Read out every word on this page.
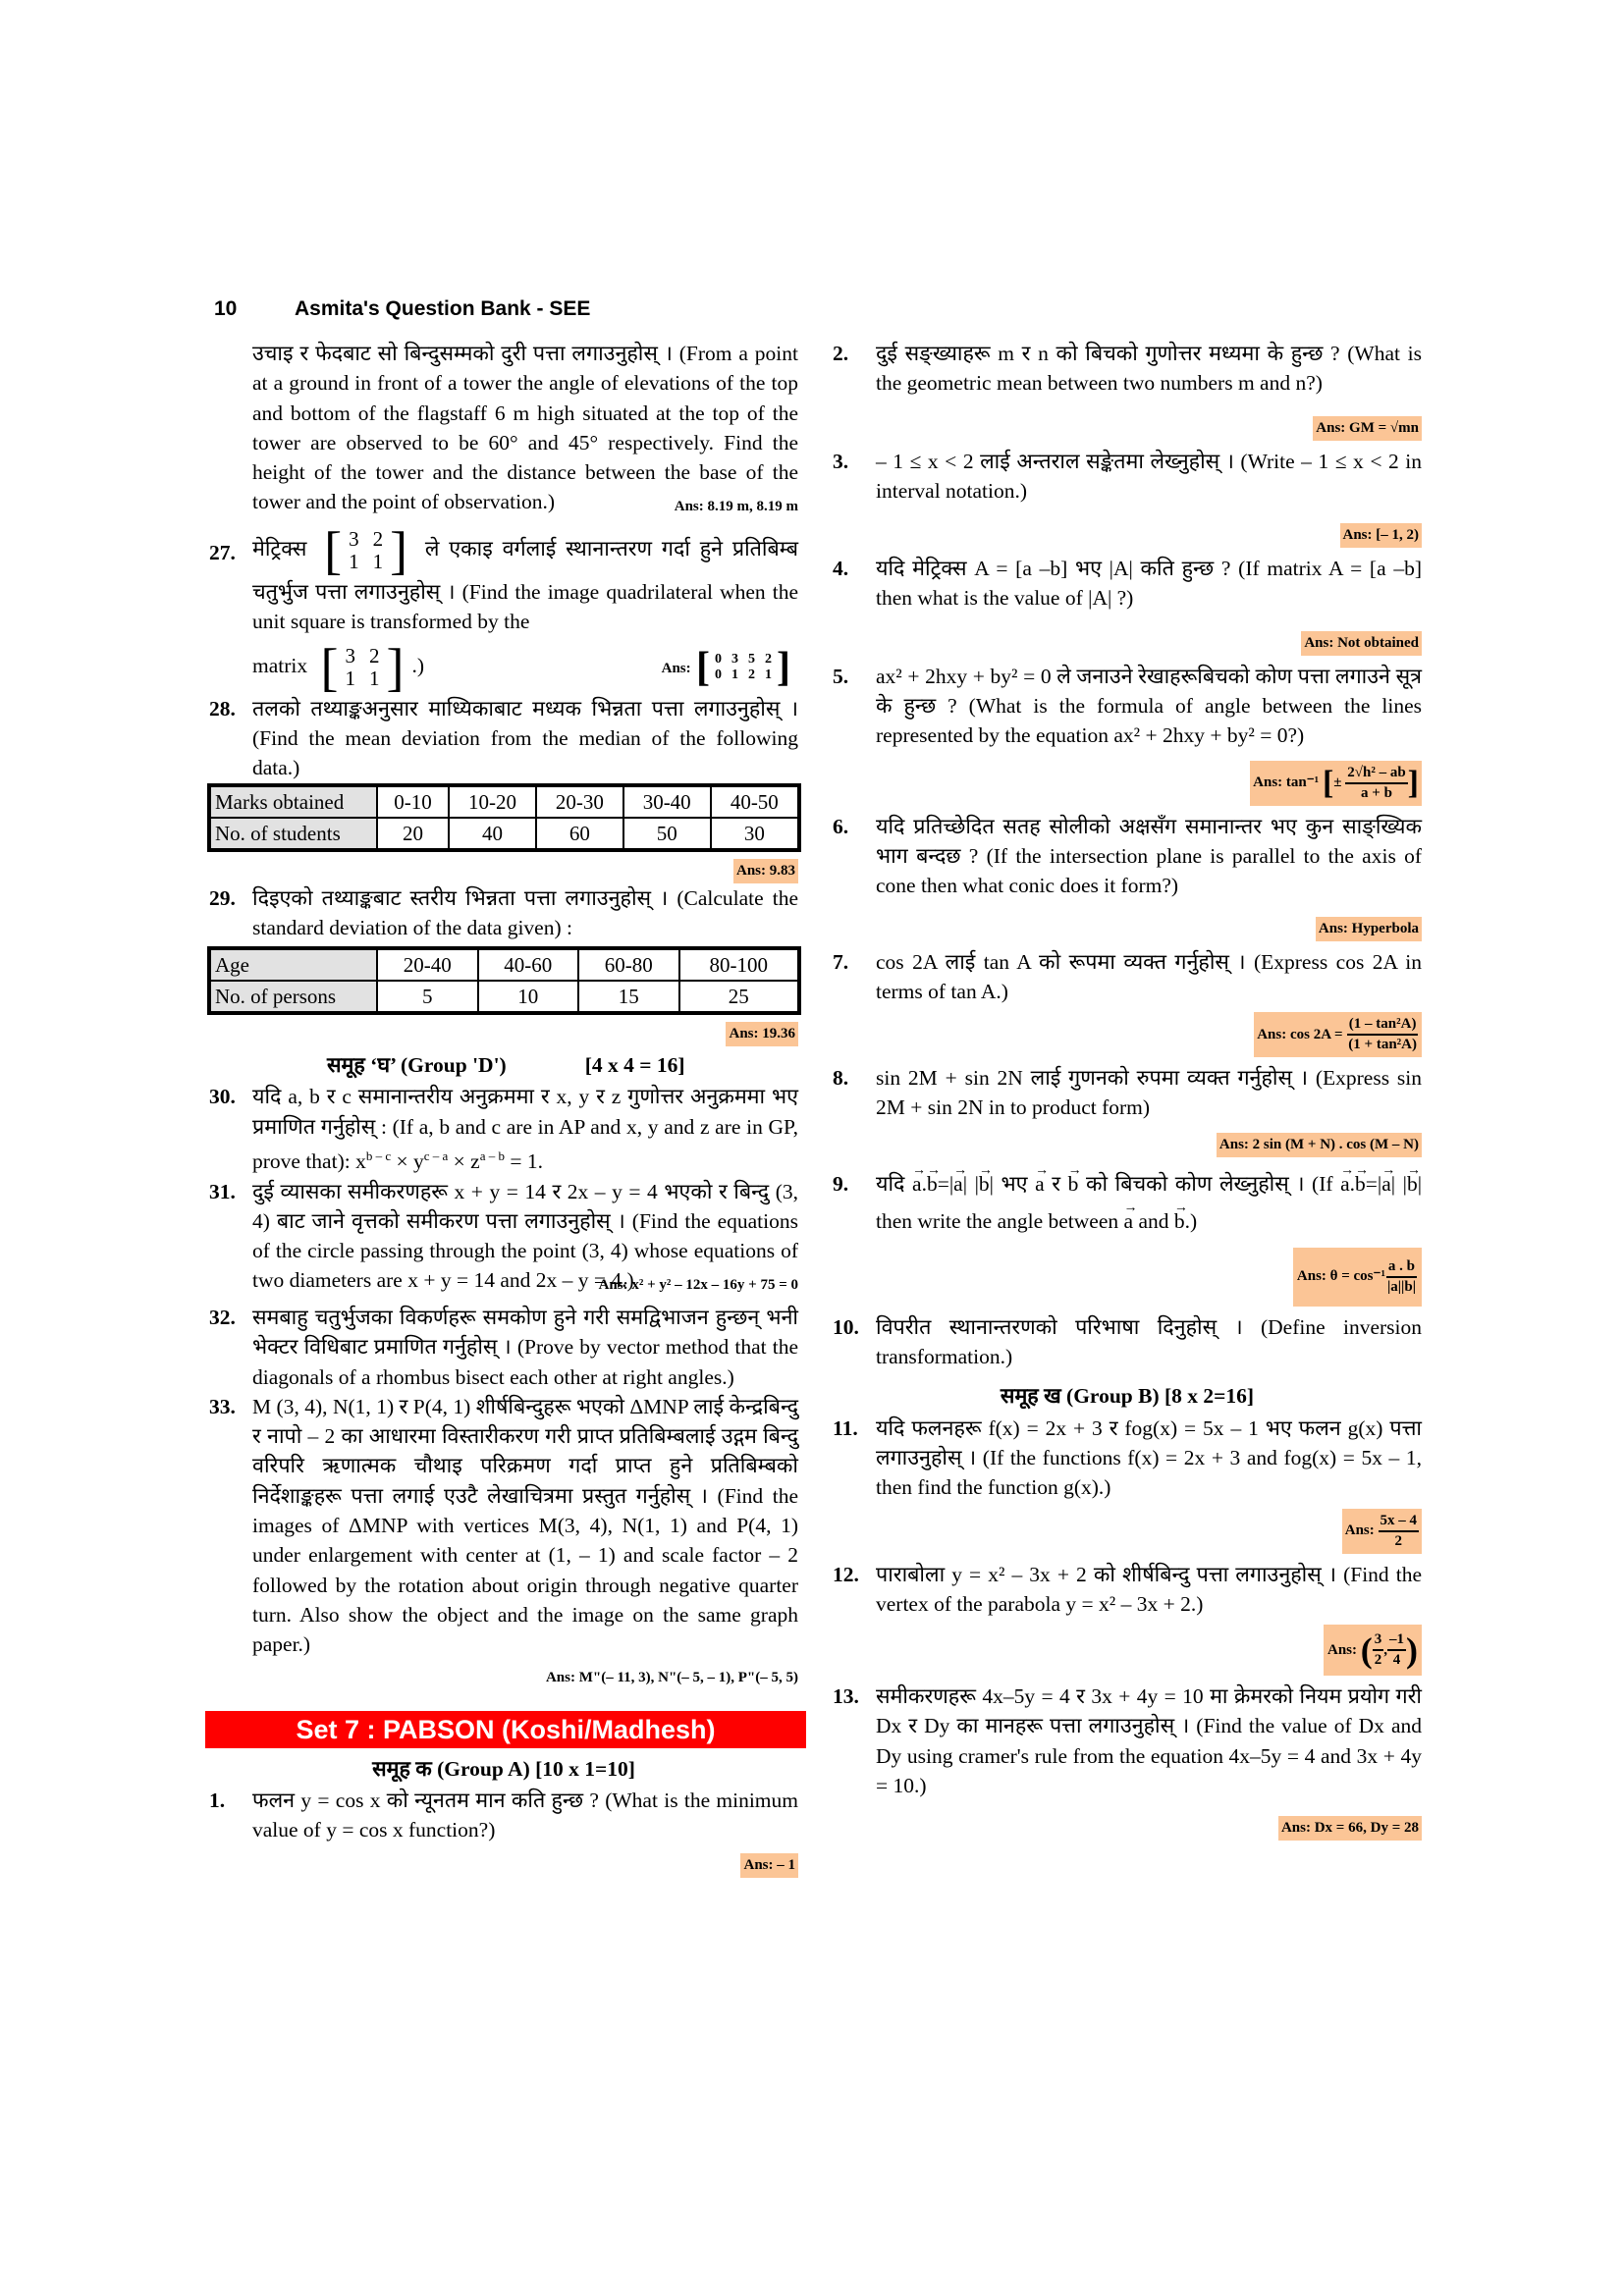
10	Asmita's Question Bank - SEE
उचाइ र फेदबाट सो बिन्दुसम्मको दुरी पत्ता लगाउनुहोस् । (From a point at a ground in front of a tower the angle of elevations of the top and bottom of the flagstaff 6 m high situated at the top of the tower are observed to be 60° and 45° respectively. Find the height of the tower and the distance between the base of the tower and the point of observation.)	Ans: 8.19 m, 8.19 m
27. मेट्रिक्स [ 3	2
1	1 ] ले एकाइ वर्गलाई स्थानान्तरण गर्दा हुने प्रतिबिम्ब चतुर्भुज पत्ता लगाउनुहोस् । (Find the image quadrilateral when the unit square is transformed by the
matrix [ 3	2
1	1 ] .)	Ans: [ 0	3	5	2
0	1	2	1 ]
28. तलको तथ्याङ्कअनुसार माध्यिकाबाट मध्यक भिन्नता पत्ता लगाउनुहोस् । (Find the mean deviation from the median of the following data.)
Marks obtained	0-10	10-20	20-30	30-40	40-50
No. of students	20	40	60	50	30
Ans: 9.83
29. दिइएको तथ्याङ्कबाट स्तरीय भिन्नता पत्ता लगाउनुहोस् । (Calculate the standard deviation of the data given) :
Age	20-40	40-60	60-80	80-100
No. of persons	5	10	15	25
Ans: 19.36
समूह ‘घ’ (Group 'D')	[4 x 4 = 16]
30. यदि a, b र c समानान्तरीय अनुक्रममा र x, y र z गुणोत्तर अनुक्रममा भए प्रमाणित गर्नुहोस् : (If a, b and c are in AP and x, y and z are in GP, prove that): $x^{b - c} \times y^{c - a} \times z^{a - b} = 1$.
31. दुई व्यासका समीकरणहरू x + y = 14 र 2x – y = 4 भएको र बिन्दु (3, 4) बाट जाने वृत्तको समीकरण पत्ता लगाउनुहोस् । (Find the equations of the circle passing through the point (3, 4) whose equations of two diameters are x + y = 14 and 2x – y = 4.)
Ans: x² + y² – 12x – 16y + 75 = 0
32. समबाहु चतुर्भुजका विकर्णहरू समकोण हुने गरी समद्विभाजन हुन्छन् भनी भेक्टर विधिबाट प्रमाणित गर्नुहोस् । (Prove by vector method that the diagonals of a rhombus bisect each other at right angles.)
33. M (3, 4), N(1, 1) र P(4, 1) शीर्षबिन्दुहरू भएको ΔMNP लाई केन्द्रबिन्दु र नापो – 2 का आधारमा विस्तारीकरण गरी प्राप्त प्रतिबिम्बलाई उद्गम बिन्दु वरिपरि ऋणात्मक चौथाइ परिक्रमण गर्दा प्राप्त हुने प्रतिबिम्बको निर्देशाङ्कहरू पत्ता लगाई एउटै लेखाचित्रमा प्रस्तुत गर्नुहोस् । (Find the images of ΔMNP with vertices M(3, 4), N(1, 1) and P(4, 1) under enlargement with center at (1, – 1) and scale factor – 2 followed by the rotation about origin through negative quarter turn. Also show the object and the image on the same graph paper.)
Ans: M"(– 11, 3), N"(– 5, – 1), P"(– 5, 5)
Set 7 : PABSON (Koshi/Madhesh)
समूह क (Group A) [10 x 1=10]
1. फलन y = cos x को न्यूनतम मान कति हुन्छ ? (What is the minimum value of y = cos x function?)
Ans: – 1
2. दुई सङ्ख्याहरू m र n को बिचको गुणोत्तर मध्यमा के हुन्छ ? (What is the geometric mean between two numbers m and n?)
Ans: GM = √mn
3. – 1 ≤ x < 2 लाई अन्तराल सङ्केतमा लेख्नुहोस् । (Write – 1 ≤ x < 2 in interval notation.)
Ans: [– 1, 2)
4. यदि मेट्रिक्स A = [a –b] भए |A| कति हुन्छ ? (If matrix A = [a –b] then what is the value of |A| ?)
Ans: Not obtained
5. ax² + 2hxy + by² = 0 ले जनाउने रेखाहरूबिचको कोण पत्ता लगाउने सूत्र के हुन्छ ? (What is the formula of angle between the lines represented by the equation ax² + 2hxy + by² = 0?)
Ans: tan⁻¹
[ ±
$\frac{\text{2√h² – ab}}{a + b}$ ]
6. यदि प्रतिच्छेदित सतह सोलीको अक्षसँग समानान्तर भए कुन साङ्ख्यिक भाग बन्दछ ? (If the intersection plane is parallel to the axis of cone then what conic does it form?)
Ans: Hyperbola
7. cos 2A लाई tan A को रूपमा व्यक्त गर्नुहोस् । (Express cos 2A in terms of tan A.)
Ans: cos 2A =
$\frac{\text{(1 – tan²A)}}{\text{(1 + tan²A)}}$
8. sin 2M + sin 2N लाई गुणनको रुपमा व्यक्त गर्नुहोस् । (Express sin 2M + sin 2N in to product form)
Ans: 2 sin (M + N) . cos (M – N)
9. यदि → a.→ b=|→ a| |→ b| भए → a र → b को बिचको कोण लेख्नुहोस् । (If → a.→ b=|→ a| |→ b| then write the angle between → a and → b.)
Ans: $\theta = \cos^{-1} \frac{a . b}{|a||b|}$
10. विपरीत स्थानान्तरणको परिभाषा दिनुहोस् । (Define inversion transformation.)
समूह ख (Group B) [8 x 2=16]
11. यदि फलनहरू f(x) = 2x + 3 र fog(x) = 5x – 1 भए फलन g(x) पत्ता लगाउनुहोस् । (If the functions f(x) = 2x + 3 and fog(x) = 5x – 1, then find the function g(x).)
Ans:
$\frac{5x - 4}{2}$
12. पाराबोला y = x² – 3x + 2 को शीर्षबिन्दु पत्ता लगाउनुहोस् । (Find the vertex of the parabola y = x² – 3x + 2.)
Ans:
( $\frac{3}{2}$ , $\frac{-1}{4}$ )
13. समीकरणहरू 4x–5y = 4 र 3x + 4y = 10 मा क्रेमरको नियम प्रयोग गरी Dx र Dy का मानहरू पत्ता लगाउनुहोस् । (Find the value of Dx and Dy using cramer's rule from the equation 4x–5y = 4 and 3x + 4y = 10.)
Ans: Dx = 66, Dy = 28
